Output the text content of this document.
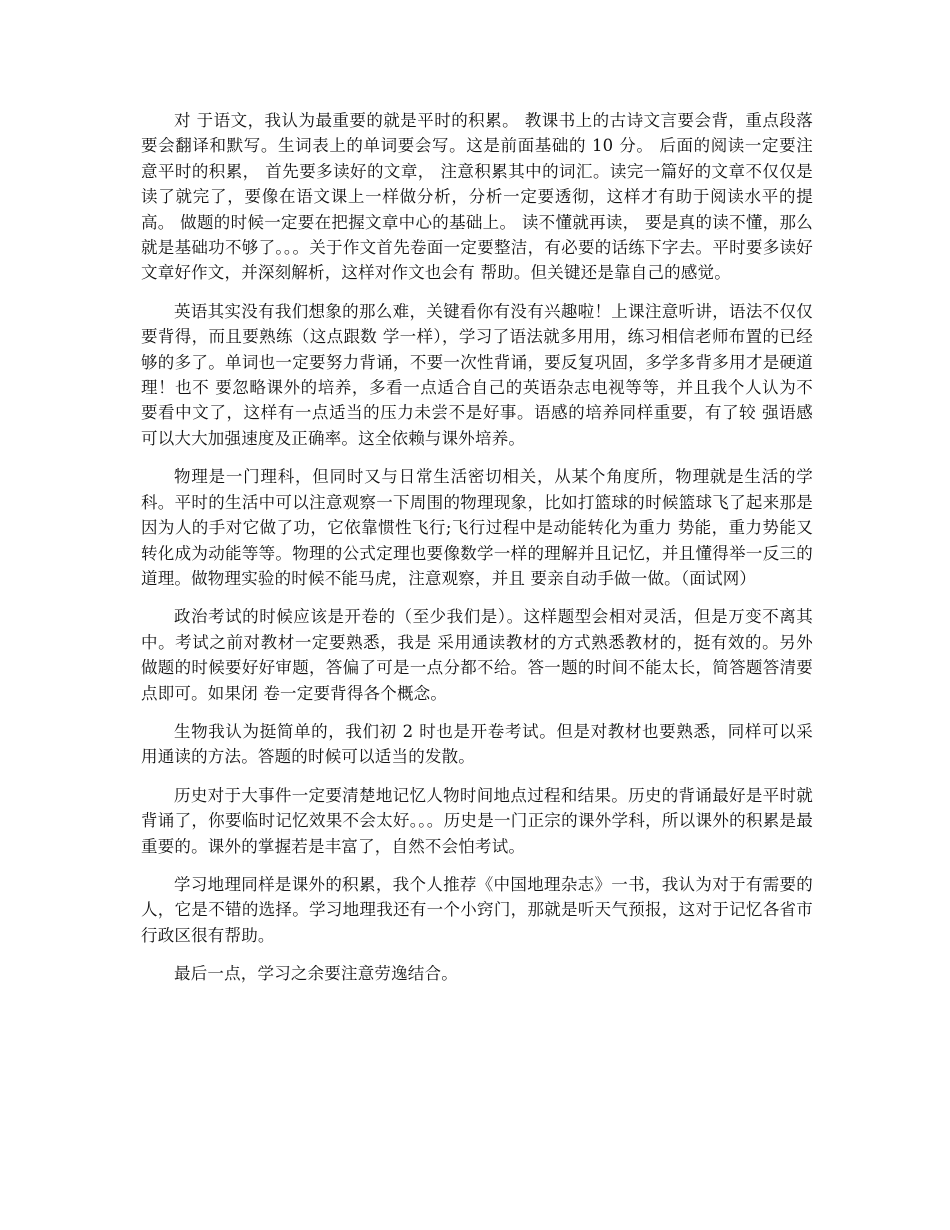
对 于语文，我认为最重要的就是平时的积累。 教课书上的古诗文言要会背，重点段落要会翻译和默写。生词表上的单词要会写。这是前面基础的 10 分。 后面的阅读一定要注意平时的积累， 首先要多读好的文章， 注意积累其中的词汇。读完一篇好的文章不仅仅是读了就完了，要像在语文课上一样做分析，分析一定要透彻，这样才有助于阅读水平的提高。 做题的时候一定要在把握文章中心的基础上。 读不懂就再读， 要是真的读不懂，那么就是基础功不够了。。。关于作文首先卷面一定要整洁，有必要的话练下字去。平时要多读好文章好作文，并深刻解析，这样对作文也会有 帮助。但关键还是靠自己的感觉。

英语其实没有我们想象的那么难，关键看你有没有兴趣啦！上课注意听讲，语法不仅仅要背得，而且要熟练（这点跟数 学一样），学习了语法就多用用，练习相信老师布置的已经够的多了。单词也一定要努力背诵，不要一次性背诵，要反复巩固，多学多背多用才是硬道理！也不 要忽略课外的培养，多看一点适合自己的英语杂志电视等等，并且我个人认为不要看中文了，这样有一点适当的压力未尝不是好事。语感的培养同样重要，有了较 强语感可以大大加强速度及正确率。这全依赖与课外培养。

物理是一门理科，但同时又与日常生活密切相关，从某个角度所，物理就是生活的学 科。平时的生活中可以注意观察一下周围的物理现象，比如打篮球的时候篮球飞了起来那是因为人的手对它做了功，它依靠惯性飞行;飞行过程中是动能转化为重力 势能，重力势能又转化成为动能等等。物理的公式定理也要像数学一样的理解并且记忆，并且懂得举一反三的道理。做物理实验的时候不能马虎，注意观察，并且 要亲自动手做一做。（面试网）

政治考试的时候应该是开卷的（至少我们是）。这样题型会相对灵活，但是万变不离其中。考试之前对教材一定要熟悉，我是 采用通读教材的方式熟悉教材的，挺有效的。另外做题的时候要好好审题，答偏了可是一点分都不给。答一题的时间不能太长，简答题答清要点即可。如果闭 卷一定要背得各个概念。

生物我认为挺简单的，我们初 2 时也是开卷考试。但是对教材也要熟悉，同样可以采用通读的方法。答题的时候可以适当的发散。

历史对于大事件一定要清楚地记忆人物时间地点过程和结果。历史的背诵最好是平时就背诵了，你要临时记忆效果不会太好。。。历史是一门正宗的课外学科，所以课外的积累是最重要的。课外的掌握若是丰富了，自然不会怕考试。

学习地理同样是课外的积累，我个人推荐《中国地理杂志》一书，我认为对于有需要的人，它是不错的选择。学习地理我还有一个小窍门，那就是听天气预报，这对于记忆各省市行政区很有帮助。

最后一点，学习之余要注意劳逸结合。
